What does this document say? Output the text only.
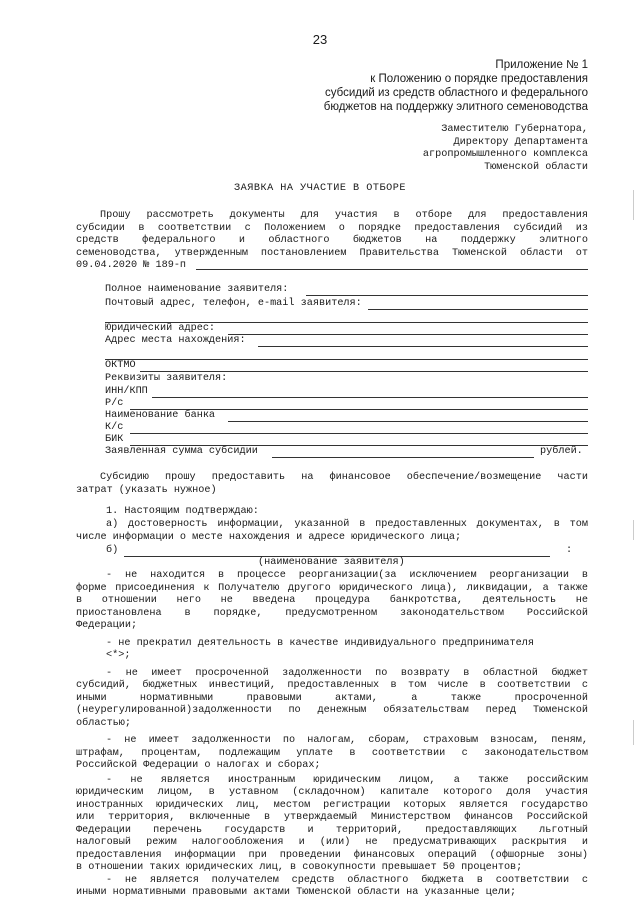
23
Приложение № 1
к Положению о порядке предоставления
субсидий из средств областного и федерального
бюджетов на поддержку элитного семеноводства
Заместителю Губернатора,
Директору Департамента
агропромышленного комплекса
Тюменской области
ЗАЯВКА НА УЧАСТИЕ В ОТБОРЕ
Прошу рассмотреть документы для участия в отборе для предоставления
субсидии в соответствии с Положением о порядке предоставления субсидий из
средств федерального и областного бюджетов на поддержку элитного
семеноводства, утвержденным постановлением Правительства Тюменской области от
09.04.2020 № 189-п
Полное наименование заявителя:
Почтовый адрес, телефон, e-mail заявителя:
Юридический адрес:
Адрес места нахождения:
ОКТМО
Реквизиты заявителя:
ИНН/КПП
Р/с
Наименование банка
К/с
БИК
Заявленная сумма субсидии	рублей.
Субсидию прошу предоставить на финансовое обеспечение/возмещение части
затрат (указать нужное)
1. Настоящим подтверждаю:
а) достоверность информации, указанной в предоставленных документах, в том
числе информации о месте нахождения и адресе юридического лица;
б)	:
(наименование заявителя)
- не находится в процессе реорганизации(за исключением реорганизации в
форме присоединения к Получателю другого юридического лица), ликвидации, а также
в отношении него не введена процедура банкротства, деятельность не
приостановлена в порядке, предусмотренном законодательством Российской
Федерации;
- не прекратил деятельность в качестве индивидуального предпринимателя
<*>;
- не имеет просроченной задолженности по возврату в областной бюджет
субсидий, бюджетных инвестиций, предоставленных в том числе в соответствии с
иными нормативными правовыми актами, а также просроченной
(неурегулированной)задолженности по денежным обязательствам перед Тюменской
областью;
- не имеет задолженности по налогам, сборам, страховым взносам, пеням,
штрафам, процентам, подлежащим уплате в соответствии с законодательством
Российской Федерации о налогах и сборах;
- не является иностранным юридическим лицом, а также российским
юридическим лицом, в уставном (складочном) капитале которого доля участия
иностранных юридических лиц, местом регистрации которых является государство
или территория, включенные в утверждаемый Министерством финансов Российской
Федерации перечень государств и территорий, предоставляющих льготный
налоговый режим налогообложения и (или) не предусматривающих раскрытия и
предоставления информации при проведении финансовых операций (офшорные зоны)
в отношении таких юридических лиц, в совокупности превышает 50 процентов;
- не является получателем средств областного бюджета в соответствии с
иными нормативными правовыми актами Тюменской области на указанные цели;
